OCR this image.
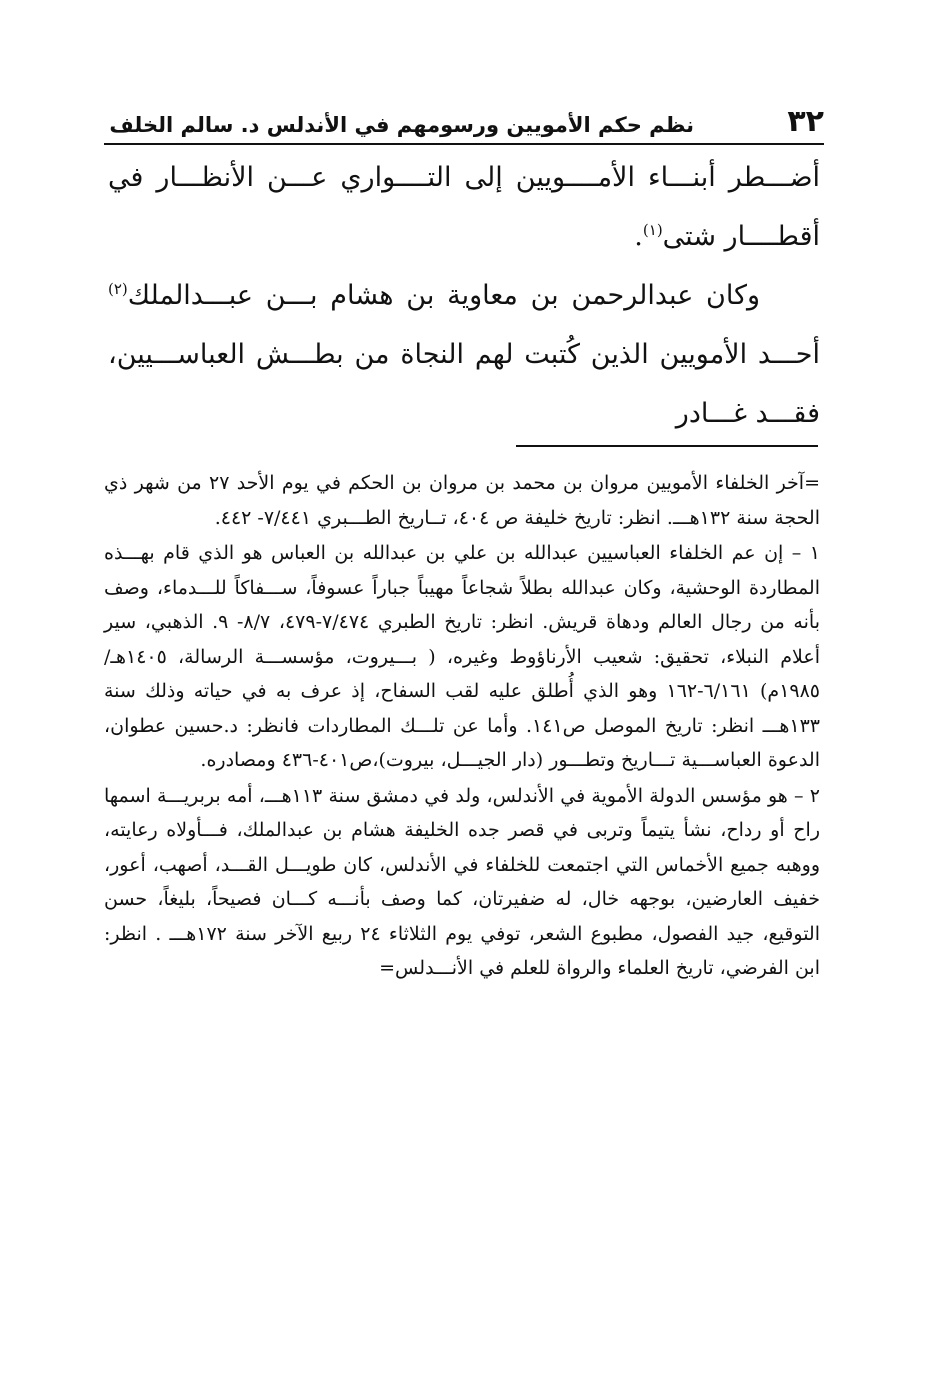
٣٢
نظم حكم الأمويين ورسومهم في الأندلس د. سالم الخلف

أضـــطر أبنـــاء الأمــــويين إلى التــــواري عـــن الأنظـــار في أقطــــار شتى$^{(١)}$.

وكان عبدالرحمن بن معاوية بن هشام بـــن عبـــدالملك$^{(٢)}$ أحـــد الأمويين الذين كُتبت لهم النجاة من بطـــش العباســـيين، فقـــد غـــادر

=آخر الخلفاء الأمويين مروان بن محمد بن مروان بن الحكم في يوم الأحد ٢٧ من شهر ذي الحجة سنة ١٣٢هـــ. انظر: تاريخ خليفة ص ٤٠٤، تــاريخ الطـــبري ٧/٤٤١- ٤٤٢.

١ – إن عم الخلفاء العباسيين عبدالله بن علي بن عبدالله بن العباس هو الذي قام بهـــذه المطاردة الوحشية، وكان عبدالله بطلاً شجاعاً مهيباً جباراً عسوفاً، ســـفاكاً للـــدماء، وصف بأنه من رجال العالم ودهاة قريش. انظر: تاريخ الطبري ٧/٤٧٤-٤٧٩، ٨/٧- ٩. الذهبي، سير أعلام النبلاء، تحقيق: شعيب الأرناؤوط وغيره، ( بـــيروت، مؤسســـة الرسالة، ١٤٠٥هـ/١٩٨٥م) ٦/١٦١-١٦٢ وهو الذي أُطلق عليه لقب السفاح، إذ عرف به في حياته وذلك سنة ١٣٣هـــ انظر: تاريخ الموصل ص١٤١. وأما عن تلـــك المطاردات فانظر: د.حسين عطوان، الدعوة العباســـية تـــاريخ وتطـــور (دار الجيـــل، بيروت)،ص٤٠١-٤٣٦ ومصادره.

٢ – هو مؤسس الدولة الأموية في الأندلس، ولد في دمشق سنة ١١٣هـــ، أمه بربريـــة اسمها راح أو رداح، نشأ يتيماً وتربى في قصر جده الخليفة هشام بن عبدالملك، فـــأولاه رعايته، ووهبه جميع الأخماس التي اجتمعت للخلفاء في الأندلس، كان طويـــل القـــد، أصهب، أعور، خفيف العارضين، بوجهه خال، له ضفيرتان، كما وصف بأنـــه كـــان فصيحاً، بليغاً، حسن التوقيع، جيد الفصول، مطبوع الشعر، توفي يوم الثلاثاء ٢٤ ربيع الآخر سنة ١٧٢هـــ . انظر: ابن الفرضي، تاريخ العلماء والرواة للعلم في الأنـــدلس=
